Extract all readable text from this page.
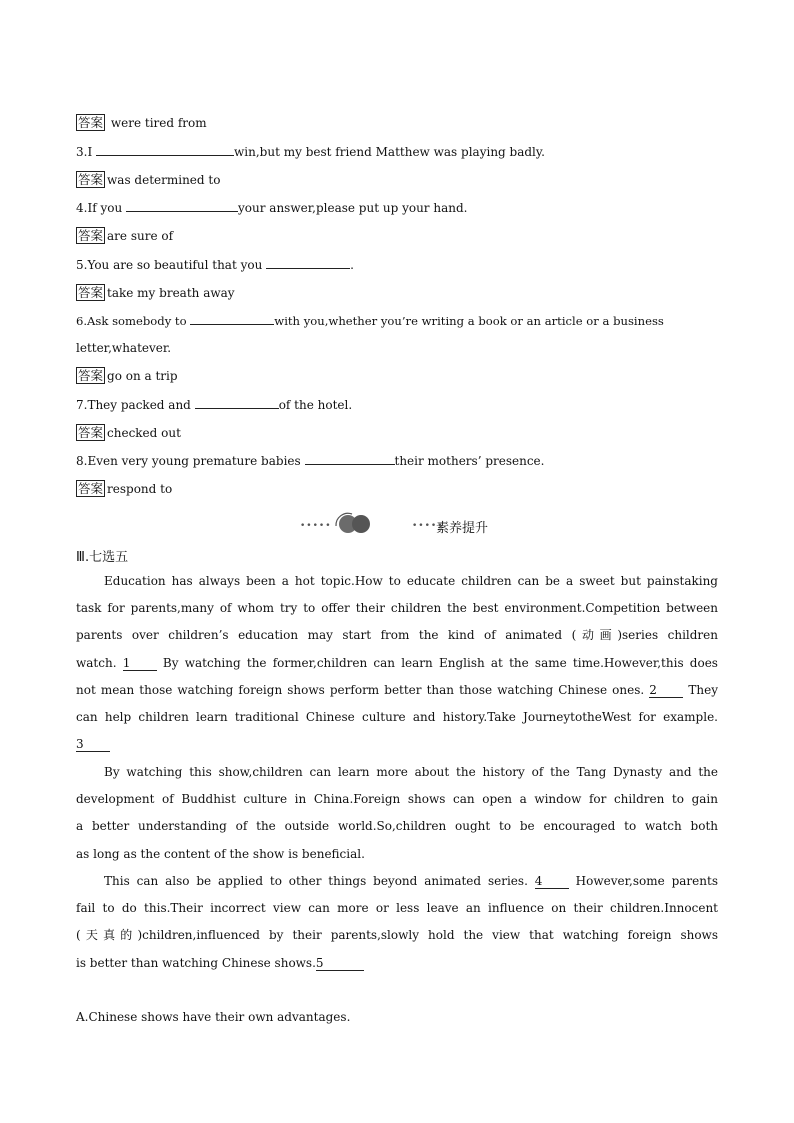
答案 were tired from
3.I	win,but my best friend Matthew was playing badly.
答案 was determined to
4.If you	your answer,please put up your hand.
答案 are sure of
5.You are so beautiful that you	.
答案 take my breath away
6.Ask somebody to	with you,whether you’re writing a book or an article or a business
letter,whatever.
答案 go on a trip
7.They packed and	of the hotel.
答案 checked out
8.Even very young premature babies	their mothers’ presence.
答案 respond to
•••••	•••••
素养提升
Ⅲ.七选五
Education has always been a hot topic.How to educate children can be a sweet but painstaking
task for parents,many of whom try to offer their children the best environment.Competition between
parents over children’s education may start from the kind of animated (动画)series children
watch. 1	By watching the former,children can learn English at the same time.However,this does
not mean those watching foreign shows perform better than those watching Chinese ones. 2	They
can help children learn traditional Chinese culture and history.Take JourneytotheWest for example.
3
By watching this show,children can learn more about the history of the Tang Dynasty and the
development of Buddhist culture in China.Foreign shows can open a window for children to gain
a better understanding of the outside world.So,children ought to be encouraged to watch both
as long as the content of the show is beneficial.
This can also be applied to other things beyond animated series. 4	However,some parents
fail to do this.Their incorrect view can more or less leave an influence on their children.Innocent
(天真的)children,influenced by their parents,slowly hold the view that watching foreign shows
is better than watching Chinese shows.5
A.Chinese shows have their own advantages.
